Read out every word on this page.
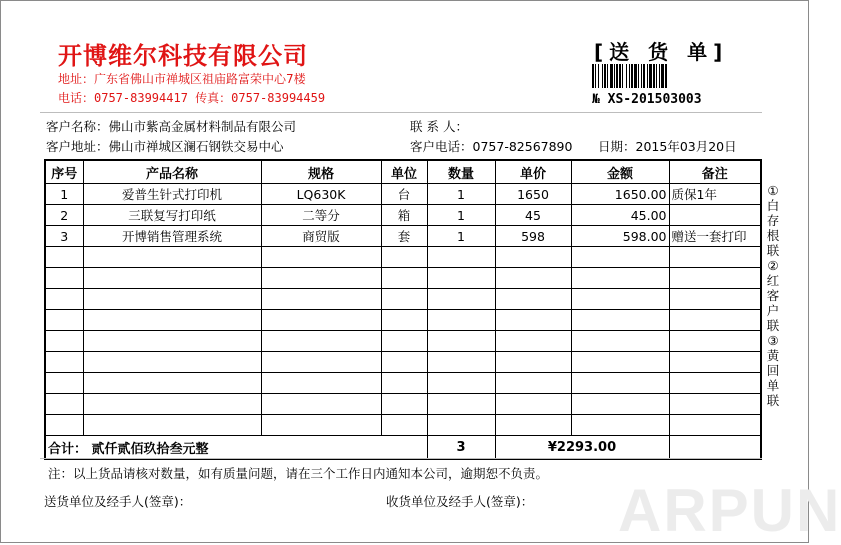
开博维尔科技有限公司
地址：广东省佛山市禅城区祖庙路富荣中心7楼
电话：0757-83994417 传真：0757-83994459
[送 货 单]
№ XS-201503003
客户名称：佛山市紫高金属材料制品有限公司	联 系 人：
客户地址：佛山市禅城区澜石钢铁交易中心	客户电话：0757-82567890 日期：2015年03月20日
序号	产品名称	规格	单位	数量	单价	金额	备注
1	爱普生针式打印机	LQ630K	台	1	1650	1650.00	质保1年
2	三联复写打印纸	二等分	箱	1	45	45.00	
3	开博销售管理系统	商贸版	套	1	598	598.00	赠送一套打印

合计： 贰仟贰佰玖拾叁元整				3	¥2293.00		
①白存根联 ②红客户联 ③黄回单联
注：以上货品请核对数量，如有质量问题，请在三个工作日内通知本公司，逾期恕不负责。
送货单位及经手人(签章)：	收货单位及经手人(签章)： ARPUN
